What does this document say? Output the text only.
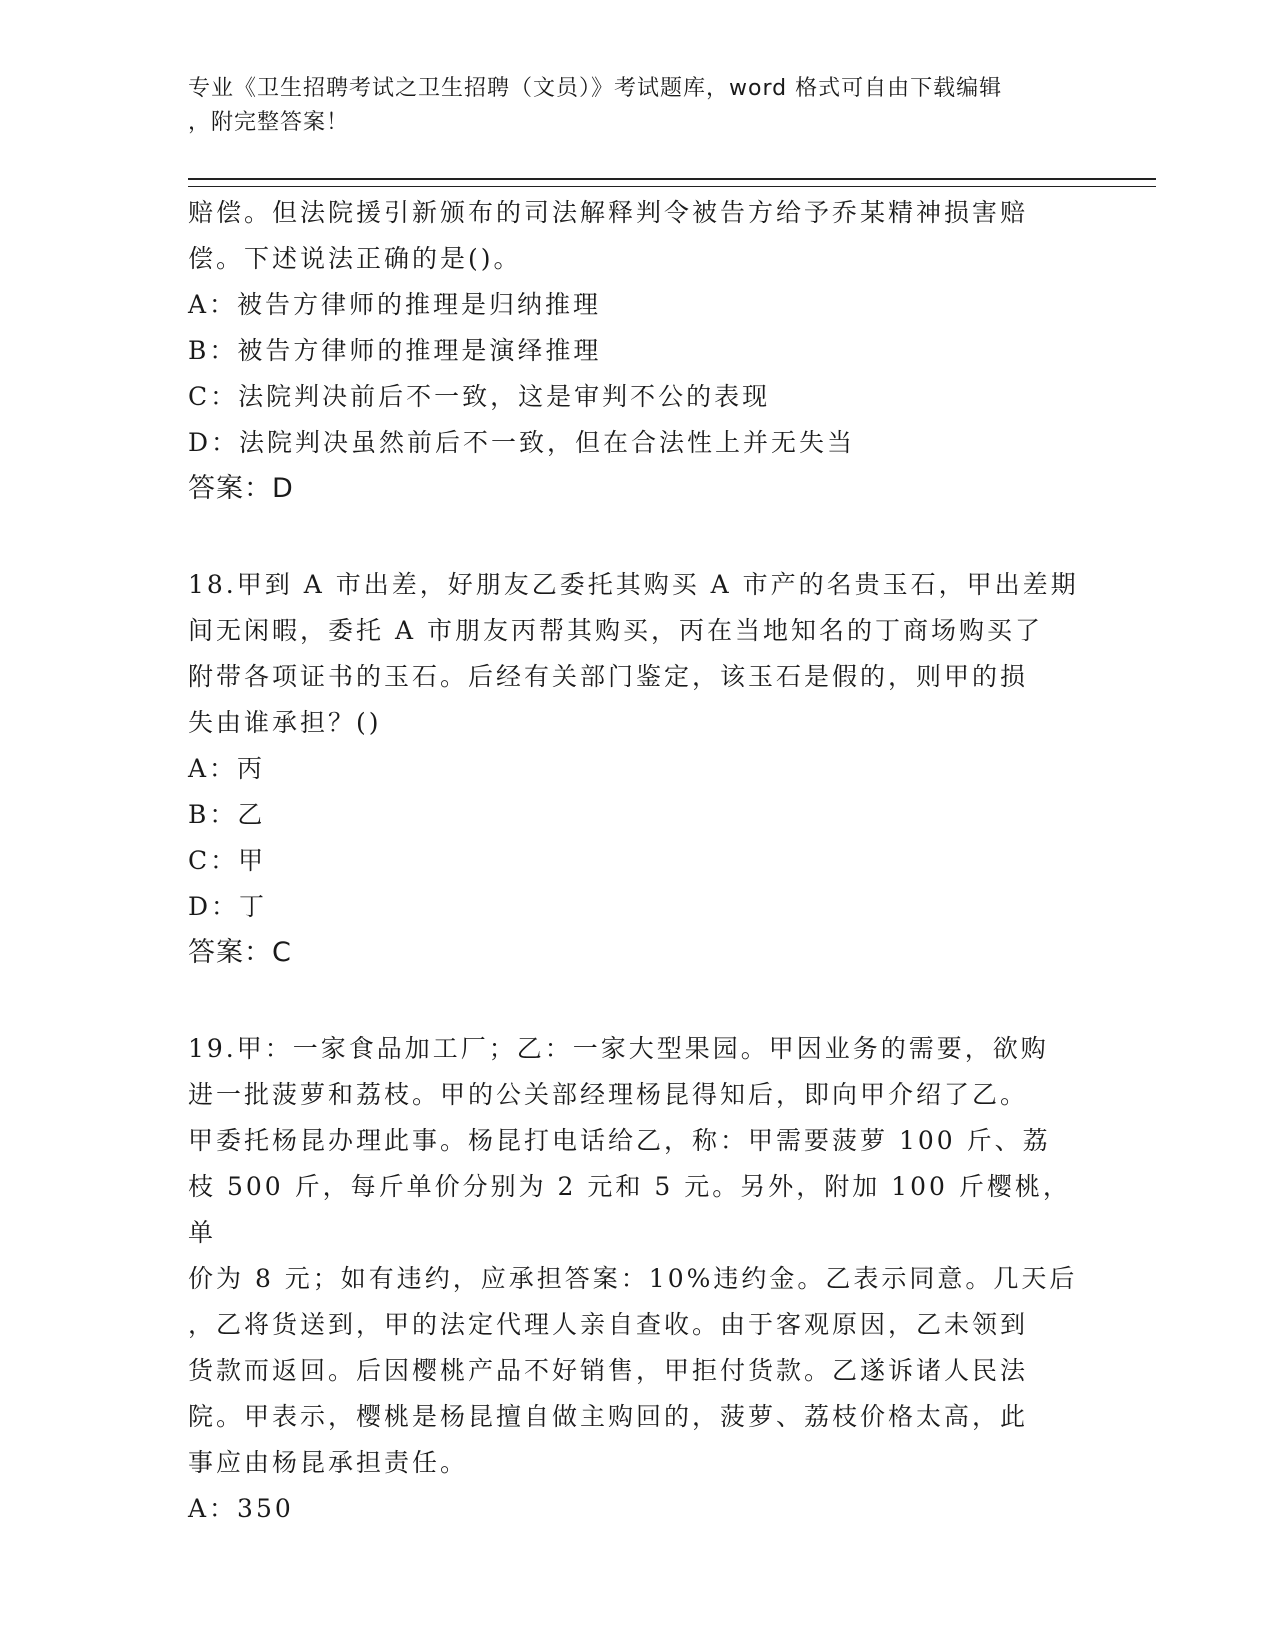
专业《卫生招聘考试之卫生招聘（文员）》考试题库，word 格式可自由下载编辑
，附完整答案！

赔偿。但法院援引新颁布的司法解释判令被告方给予乔某精神损害赔

偿。下述说法正确的是()。

A：被告方律师的推理是归纳推理
B：被告方律师的推理是演绎推理
C：法院判决前后不一致，这是审判不公的表现
D：法院判决虽然前后不一致，但在合法性上并无失当

答案：D

18.甲到 A 市出差，好朋友乙委托其购买 A 市产的名贵玉石，甲出差期

间无闲暇，委托 A 市朋友丙帮其购买，丙在当地知名的丁商场购买了

附带各项证书的玉石。后经有关部门鉴定，该玉石是假的，则甲的损

失由谁承担？()

A：丙
B：乙
C：甲
D：丁

答案：C

19.甲：一家食品加工厂；乙：一家大型果园。甲因业务的需要，欲购

进一批菠萝和荔枝。甲的公关部经理杨昆得知后，即向甲介绍了乙。

甲委托杨昆办理此事。杨昆打电话给乙，称：甲需要菠萝 100 斤、荔

枝 500 斤，每斤单价分别为 2 元和 5 元。另外，附加 100 斤樱桃，单

价为 8 元；如有违约，应承担答案：10%违约金。乙表示同意。几天后

，乙将货送到，甲的法定代理人亲自查收。由于客观原因，乙未领到

货款而返回。后因樱桃产品不好销售，甲拒付货款。乙遂诉诸人民法

院。甲表示，樱桃是杨昆擅自做主购回的，菠萝、荔枝价格太高，此

事应由杨昆承担责任。

A：350
